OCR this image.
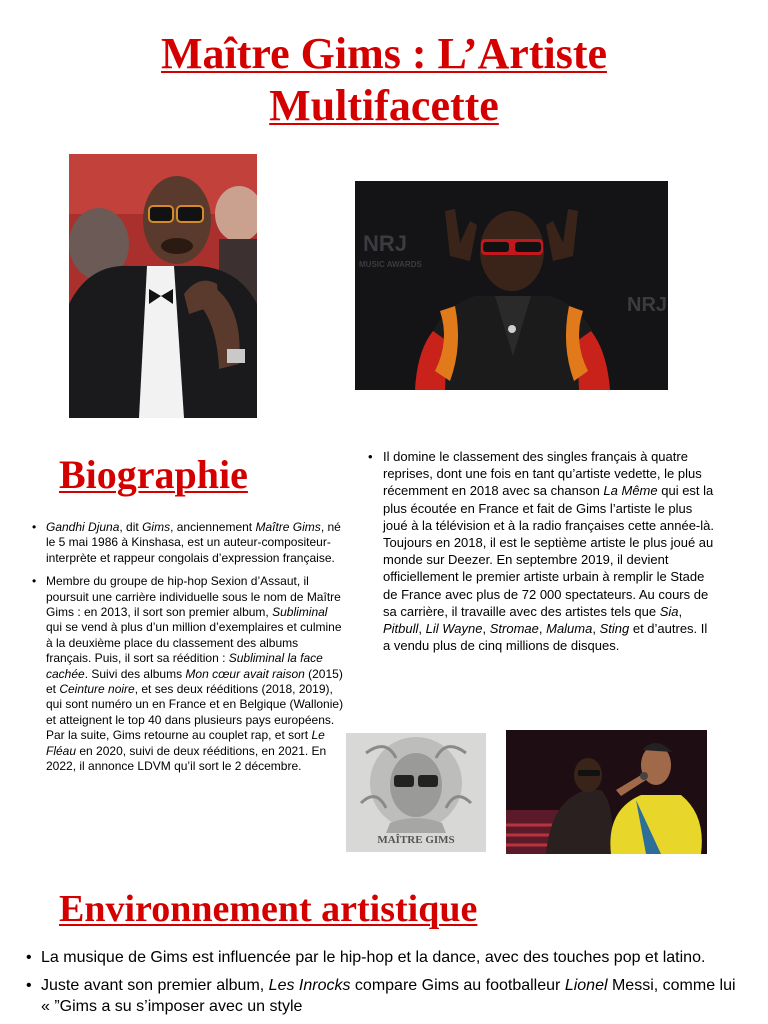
Maître Gims : L’Artiste
Multifacette
NRJ
MUSIC AWARDS
NRJ
Biographie
• Gandhi Djuna, dit Gims, anciennement Maître Gims, né le 5 mai 1986 à Kinshasa, est un auteur-compositeur-interprète et rappeur congolais d’expression française.
• Membre du groupe de hip-hop Sexion d’Assaut, il poursuit une carrière individuelle sous le nom de Maître Gims : en 2013, il sort son premier album, Subliminal qui se vend à plus d’un million d’exemplaires et culmine à la deuxième place du classement des albums français. Puis, il sort sa réédition : Subliminal la face cachée. Suivi des albums Mon cœur avait raison (2015) et Ceinture noire, et ses deux rééditions (2018, 2019), qui sont numéro un en France et en Belgique (Wallonie) et atteignent le top 40 dans plusieurs pays européens. Par la suite, Gims retourne au couplet rap, et sort Le Fléau en 2020, suivi de deux rééditions, en 2021. En 2022, il annonce LDVM qu’il sort le 2 décembre.
• Il domine le classement des singles français à quatre reprises, dont une fois en tant qu’artiste vedette, le plus récemment en 2018 avec sa chanson La Même qui est la plus écoutée en France et fait de Gims l’artiste le plus joué à la télévision et à la radio françaises cette année-là. Toujours en 2018, il est le septième artiste le plus joué au monde sur Deezer. En septembre 2019, il devient officiellement le premier artiste urbain à remplir le Stade de France avec plus de 72 000 spectateurs. Au cours de sa carrière, il travaille avec des artistes tels que Sia, Pitbull, Lil Wayne, Stromae, Maluma, Sting et d’autres. Il a vendu plus de cinq millions de disques.
MAÎTRE GIMS
Environnement artistique
• La musique de Gims est influencée par le hip-hop et la dance, avec des touches pop et latino.
• Juste avant son premier album, Les Inrocks compare Gims au footballeur Lionel Messi, comme lui « ”Gims a su s’imposer avec un style
